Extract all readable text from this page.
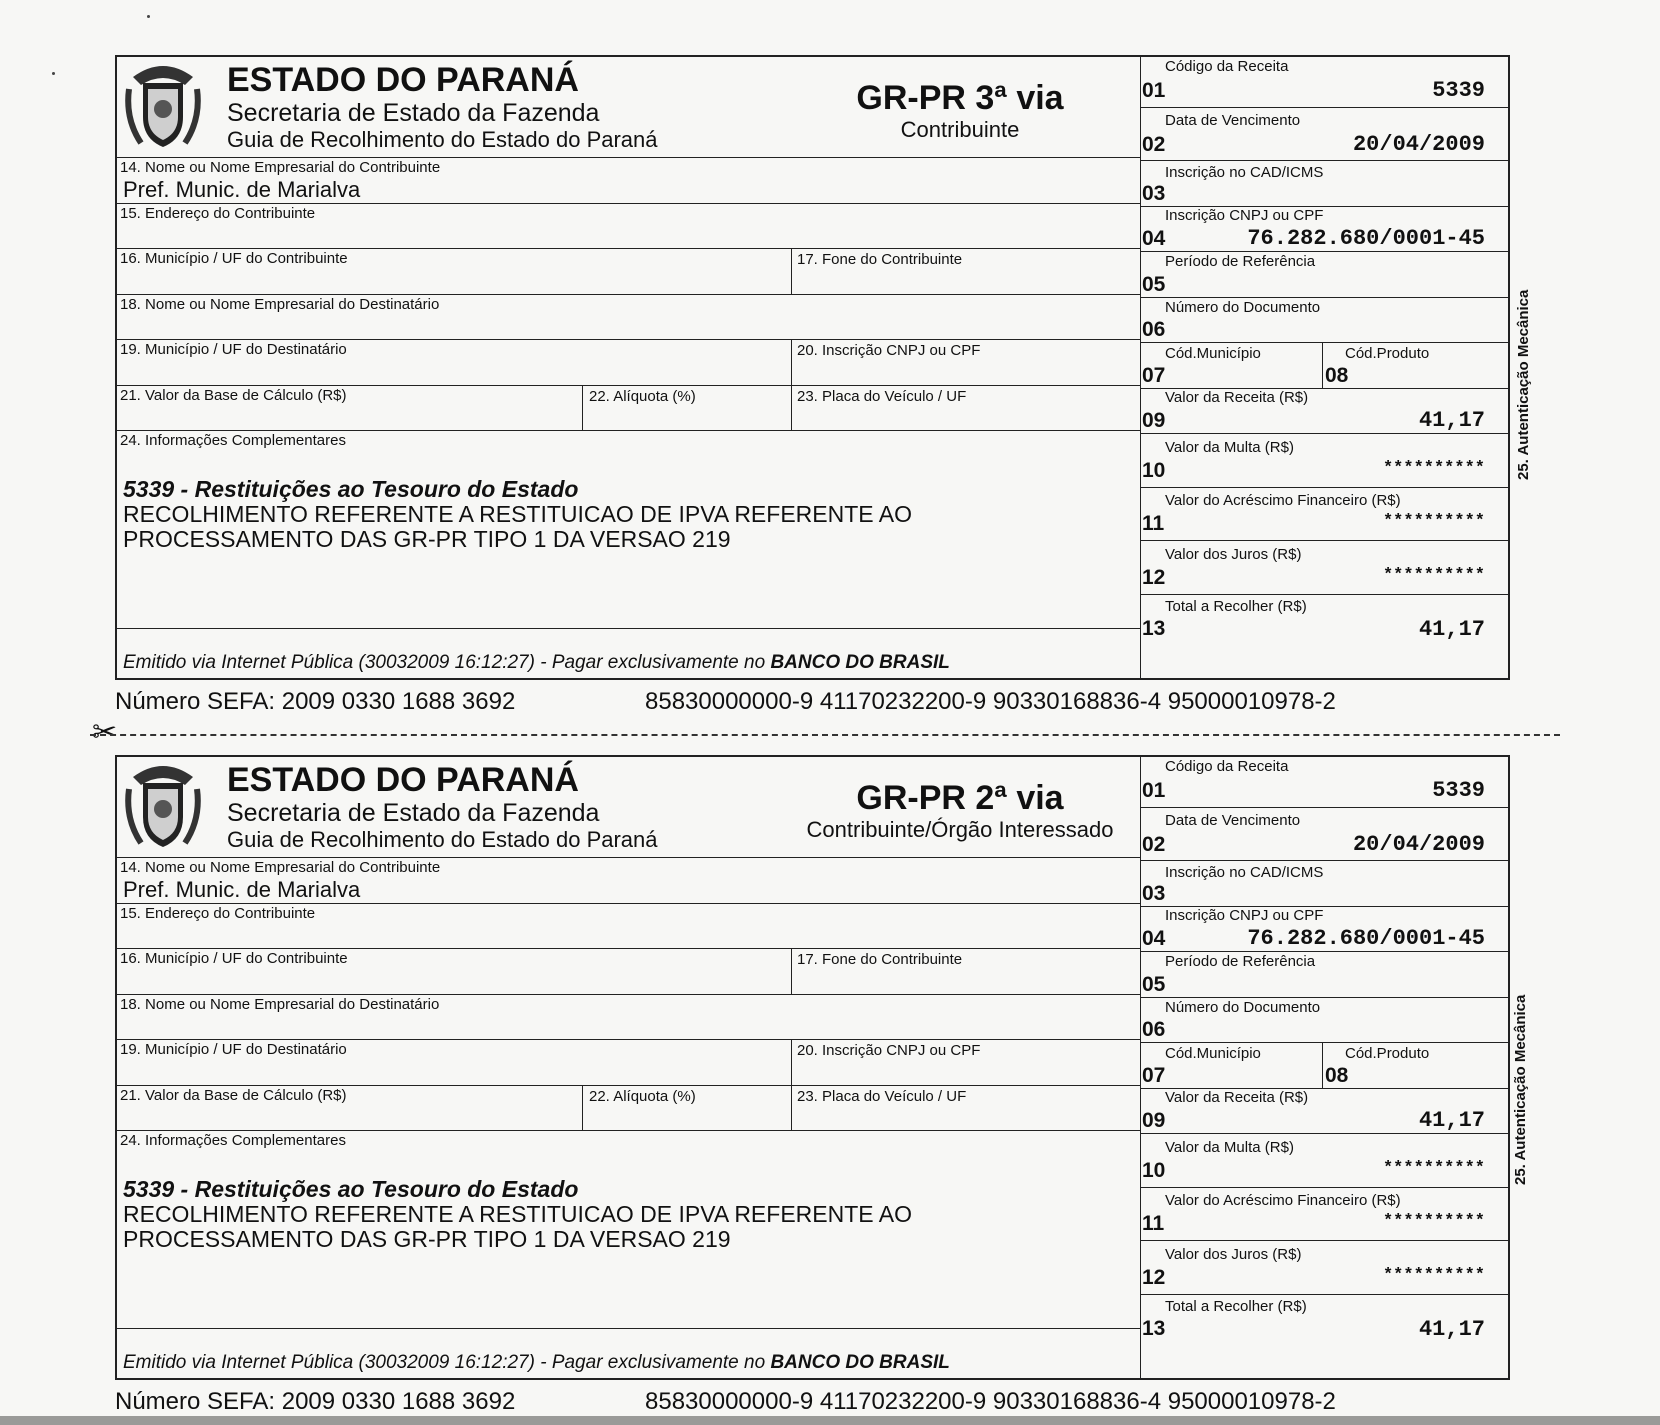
ESTADO DO PARANÁ
Secretaria de Estado da Fazenda
Guia de Recolhimento do Estado do Paraná
GR-PR 3ª via
Contribuinte
14. Nome ou Nome Empresarial do Contribuinte
Pref. Munic. de Marialva
15. Endereço do Contribuinte
16. Município / UF do Contribuinte	17. Fone do Contribuinte
18. Nome ou Nome Empresarial do Destinatário
19. Município / UF do Destinatário	20. Inscrição CNPJ ou CPF
21. Valor da Base de Cálculo (R$)	22. Alíquota (%)	23. Placa do Veículo / UF
24. Informações Complementares
5339 - Restituições ao Tesouro do Estado
RECOLHIMENTO REFERENTE A RESTITUICAO DE IPVA REFERENTE AO
PROCESSAMENTO DAS GR-PR TIPO 1 DA VERSAO 219
Emitido via Internet Pública (30032009 16:12:27) - Pagar exclusivamente no BANCO DO BRASIL
Código da Receita
01	5339
Data de Vencimento
02	20/04/2009
Inscrição no CAD/ICMS
03
Inscrição CNPJ ou CPF
04	76.282.680/0001-45
Período de Referência
05
Número do Documento
06
Cód.Município
07
Cód.Produto
08
Valor da Receita (R$)
09	41,17
Valor da Multa (R$)
10	**********
Valor do Acréscimo Financeiro (R$)
11	**********
Valor dos Juros (R$)
12	**********
Total a Recolher (R$)
13	41,17
Número SEFA: 2009 0330 1688 3692	85830000000-9 41170232200-9 90330168836-4 95000010978-2
25. Autenticação Mecânica
✂
ESTADO DO PARANÁ
Secretaria de Estado da Fazenda
Guia de Recolhimento do Estado do Paraná
GR-PR 2ª via
Contribuinte/Órgão Interessado
14. Nome ou Nome Empresarial do Contribuinte
Pref. Munic. de Marialva
15. Endereço do Contribuinte
16. Município / UF do Contribuinte	17. Fone do Contribuinte
18. Nome ou Nome Empresarial do Destinatário
19. Município / UF do Destinatário	20. Inscrição CNPJ ou CPF
21. Valor da Base de Cálculo (R$)	22. Alíquota (%)	23. Placa do Veículo / UF
24. Informações Complementares
5339 - Restituições ao Tesouro do Estado
RECOLHIMENTO REFERENTE A RESTITUICAO DE IPVA REFERENTE AO
PROCESSAMENTO DAS GR-PR TIPO 1 DA VERSAO 219
Emitido via Internet Pública (30032009 16:12:27) - Pagar exclusivamente no BANCO DO BRASIL
Código da Receita
01	5339
Data de Vencimento
02	20/04/2009
Inscrição no CAD/ICMS
03
Inscrição CNPJ ou CPF
04	76.282.680/0001-45
Período de Referência
05
Número do Documento
06
Cód.Município
07
Cód.Produto
08
Valor da Receita (R$)
09	41,17
Valor da Multa (R$)
10	**********
Valor do Acréscimo Financeiro (R$)
11	**********
Valor dos Juros (R$)
12	**********
Total a Recolher (R$)
13	41,17
Número SEFA: 2009 0330 1688 3692	85830000000-9 41170232200-9 90330168836-4 95000010978-2
25. Autenticação Mecânica
